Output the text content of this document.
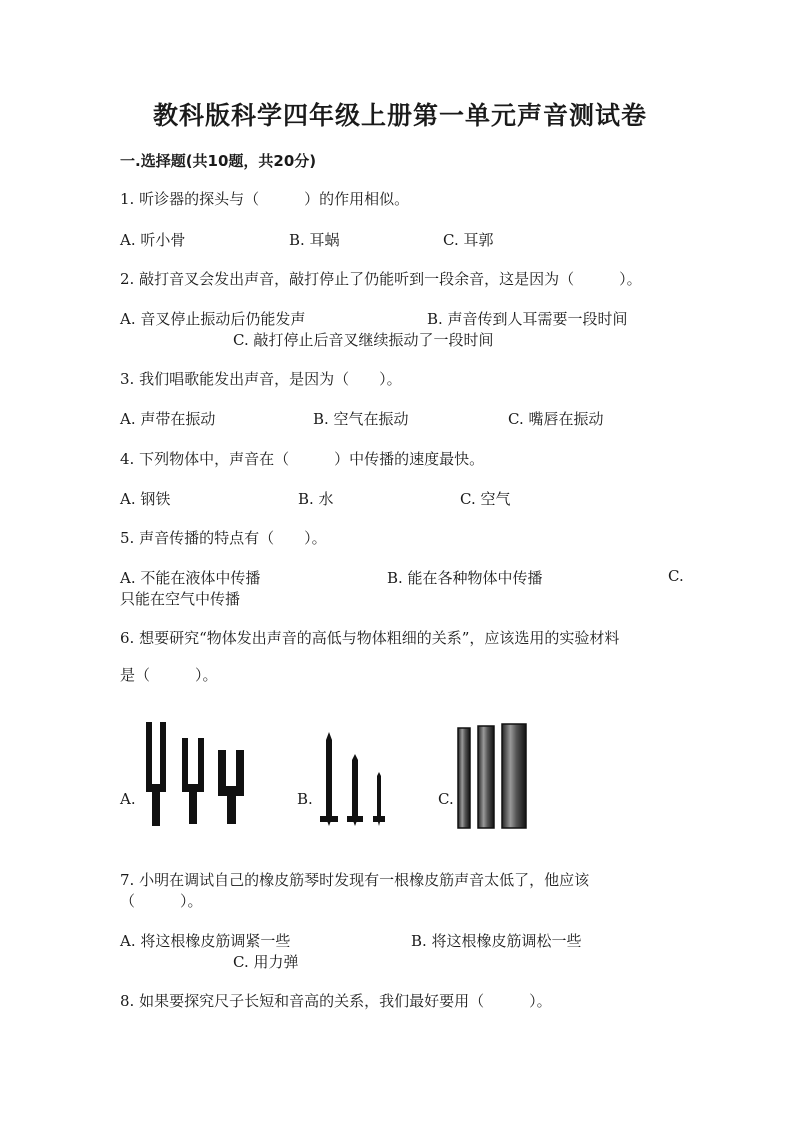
教科版科学四年级上册第一单元声音测试卷
一.选择题(共10题，共20分)
1. 听诊器的探头与（　　　）的作用相似。
A. 听小骨	B. 耳蜗	C. 耳郭
2. 敲打音叉会发出声音，敲打停止了仍能听到一段余音，这是因为（　　　）。
A. 音叉停止振动后仍能发声	B. 声音传到人耳需要一段时间
C. 敲打停止后音叉继续振动了一段时间
3. 我们唱歌能发出声音，是因为（　　）。
A. 声带在振动	B. 空气在振动	C. 嘴唇在振动
4. 下列物体中，声音在（　　　）中传播的速度最快。
A. 钢铁	B. 水	C. 空气
5. 声音传播的特点有（　　）。
A. 不能在液体中传播	B. 能在各种物体中传播	C.
只能在空气中传播
6. 想要研究“物体发出声音的高低与物体粗细的关系”，应该选用的实验材料
是（　　　）。
A.	B.	C.
7. 小明在调试自己的橡皮筋琴时发现有一根橡皮筋声音太低了，他应该
（　　　）。
A. 将这根橡皮筋调紧一些	B. 将这根橡皮筋调松一些
C. 用力弹
8. 如果要探究尺子长短和音高的关系，我们最好要用（　　　）。
